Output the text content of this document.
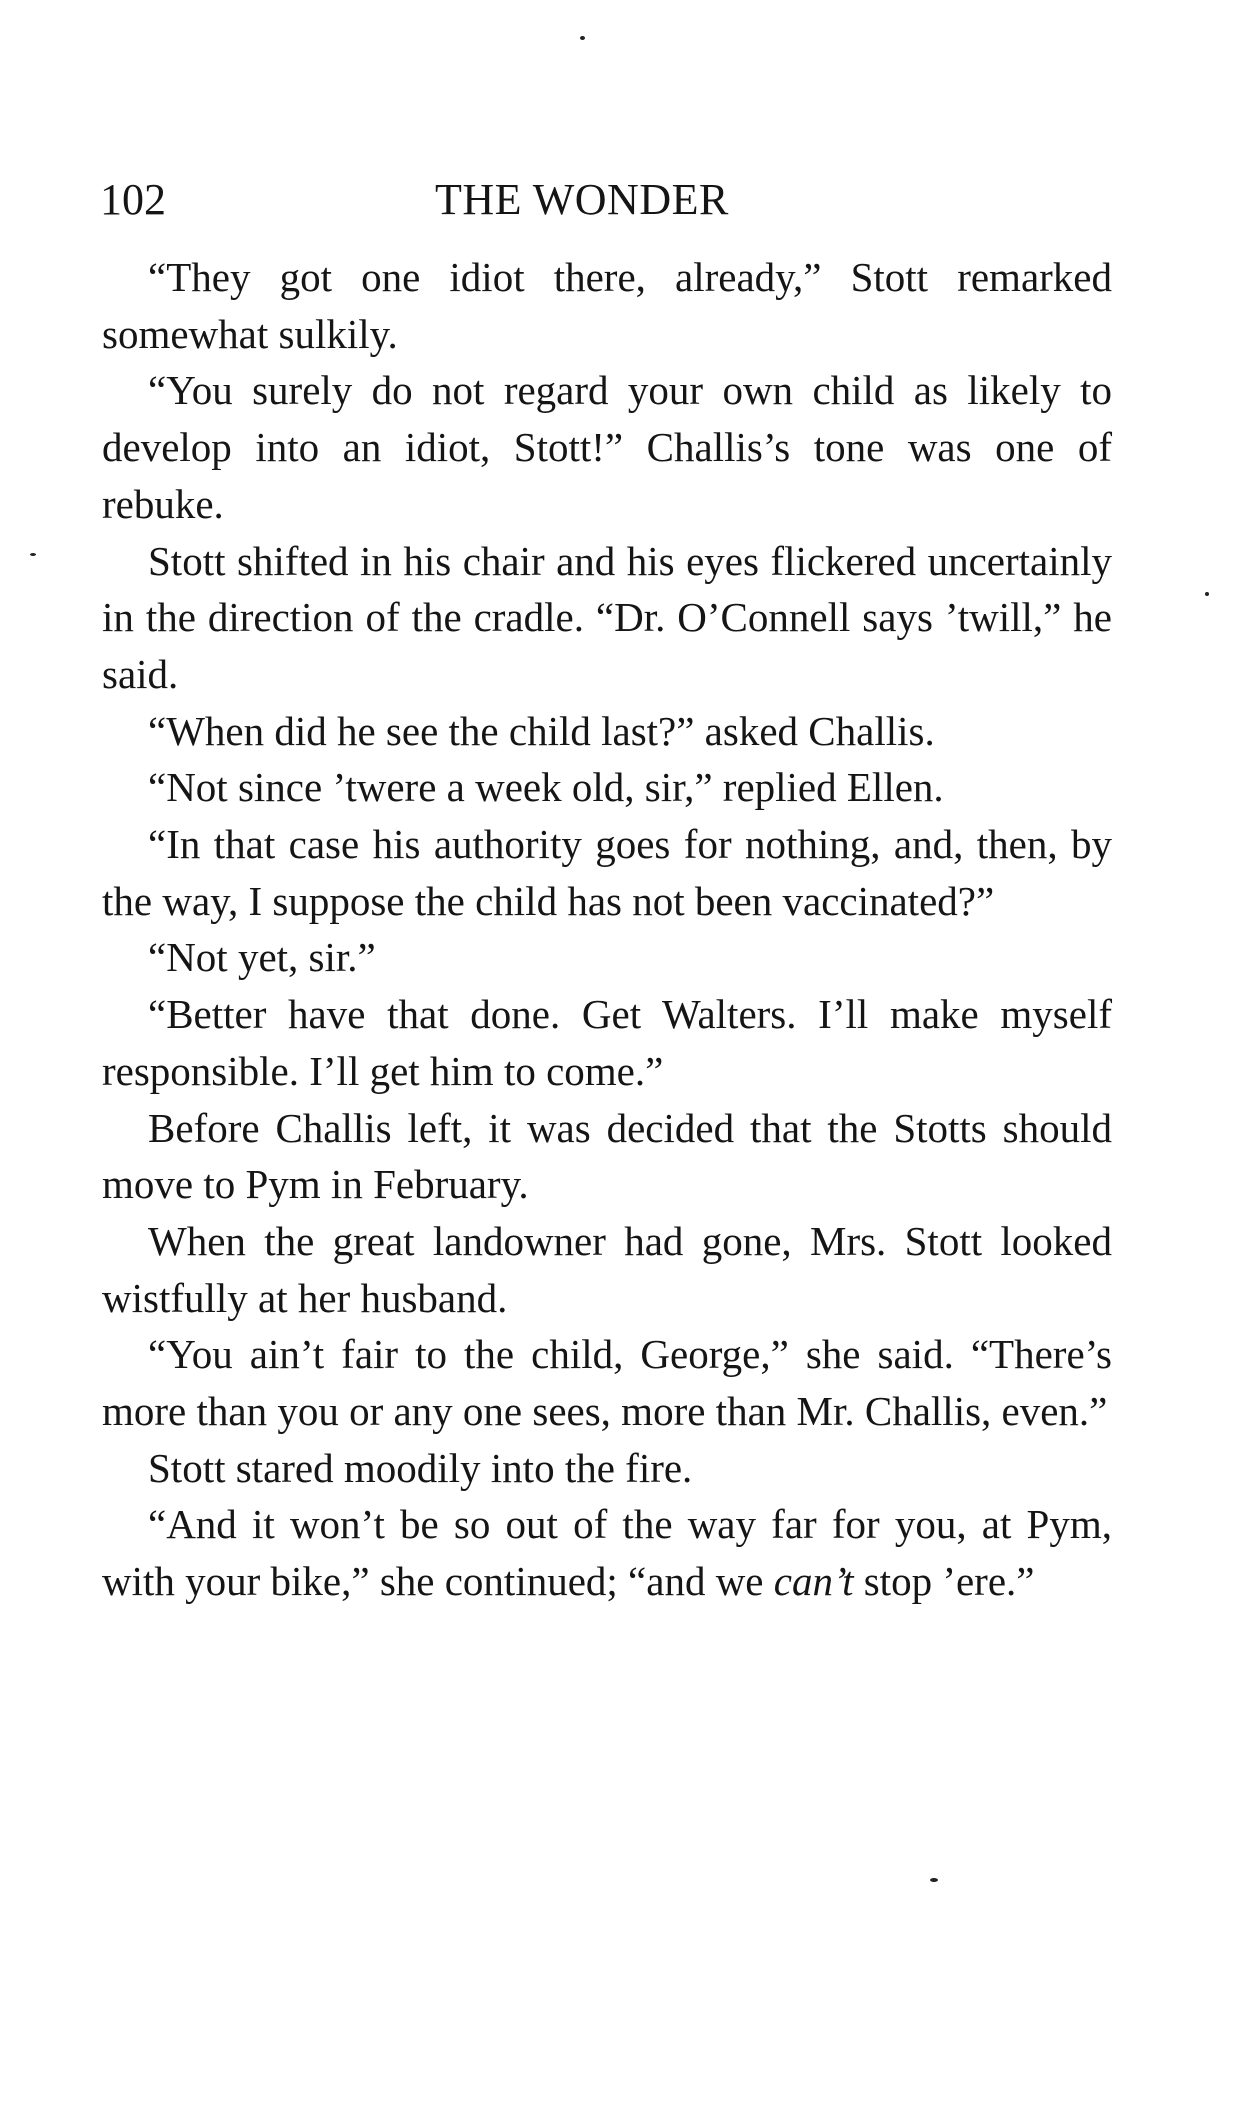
102	THE WONDER

“They got one idiot there, already,” Stott remarked somewhat sulkily.

“You surely do not regard your own child as likely to develop into an idiot, Stott!” Challis’s tone was one of rebuke.

Stott shifted in his chair and his eyes flickered uncertainly in the direction of the cradle. “Dr. O’Connell says ’twill,” he said.

“When did he see the child last?” asked Challis.

“Not since ’twere a week old, sir,” replied Ellen.

“In that case his authority goes for nothing, and, then, by the way, I suppose the child has not been vaccinated?”

“Not yet, sir.”

“Better have that done. Get Walters. I’ll make myself responsible. I’ll get him to come.”

Before Challis left, it was decided that the Stotts should move to Pym in February.

When the great landowner had gone, Mrs. Stott looked wistfully at her husband.

“You ain’t fair to the child, George,” she said. “There’s more than you or any one sees, more than Mr. Challis, even.”

Stott stared moodily into the fire.

“And it won’t be so out of the way far for you, at Pym, with your bike,” she continued; “and we can’t stop ’ere.”
